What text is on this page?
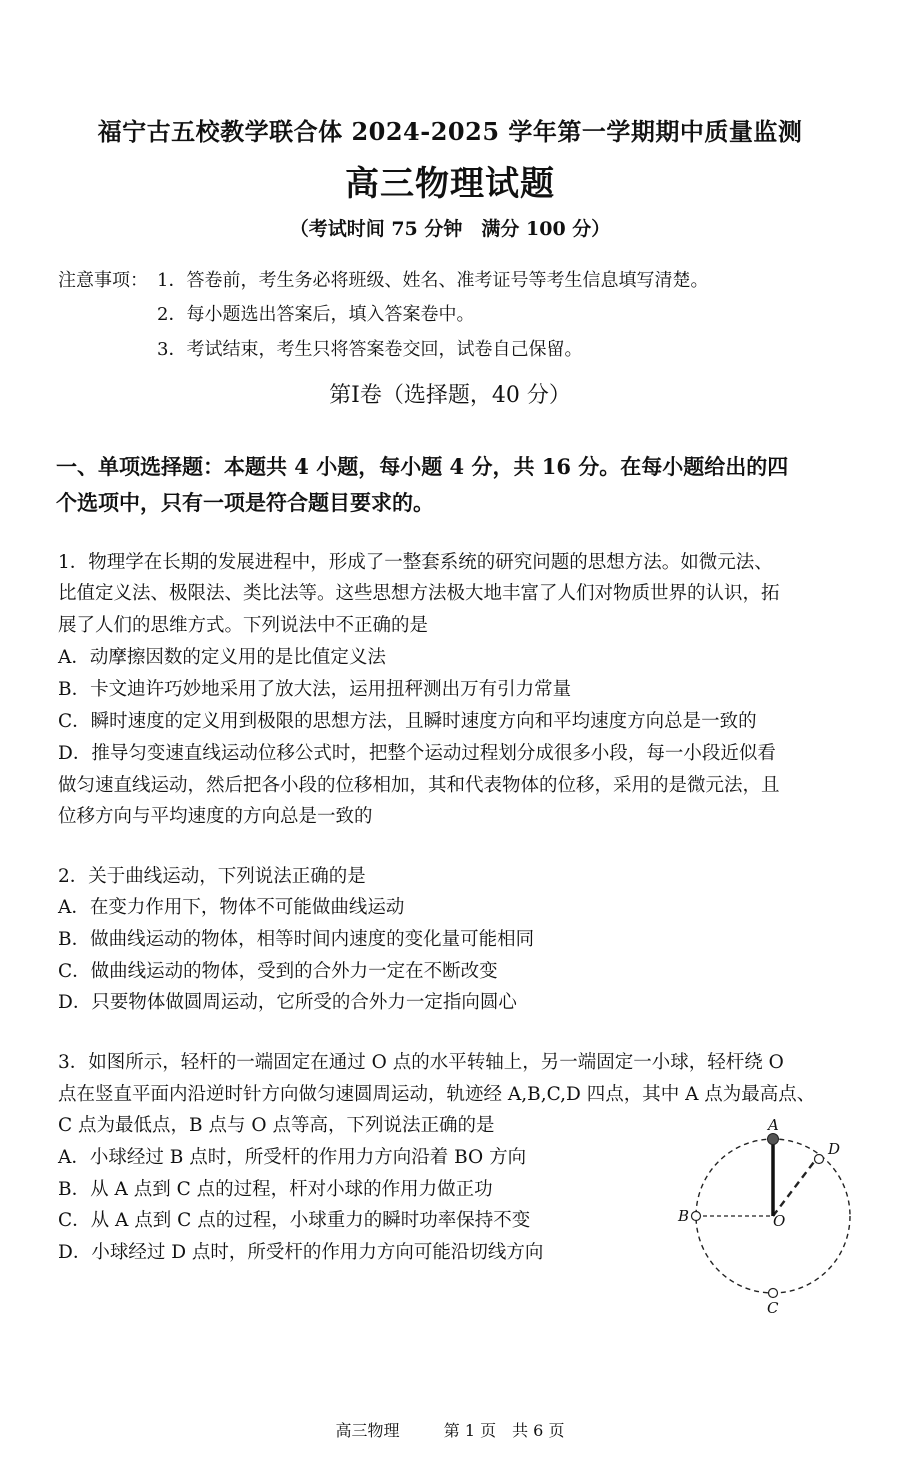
福宁古五校教学联合体 2024-2025 学年第一学期期中质量监测
高三物理试题
（考试时间 75 分钟　满分 100 分）
注意事项： 1．答卷前，考生务必将班级、姓名、准考证号等考生信息填写清楚。
2．每小题选出答案后，填入答案卷中。
3．考试结束，考生只将答案卷交回，试卷自己保留。
第I卷（选择题，40 分）
一、单项选择题：本题共 4 小题，每小题 4 分，共 16 分。在每小题给出的四
个选项中，只有一项是符合题目要求的。
1．物理学在长期的发展进程中，形成了一整套系统的研究问题的思想方法。如微元法、
比值定义法、极限法、类比法等。这些思想方法极大地丰富了人们对物质世界的认识，拓
展了人们的思维方式。下列说法中不正确的是
A．动摩擦因数的定义用的是比值定义法
B．卡文迪许巧妙地采用了放大法，运用扭秤测出万有引力常量
C．瞬时速度的定义用到极限的思想方法，且瞬时速度方向和平均速度方向总是一致的
D．推导匀变速直线运动位移公式时，把整个运动过程划分成很多小段，每一小段近似看
做匀速直线运动，然后把各小段的位移相加，其和代表物体的位移，采用的是微元法，且
位移方向与平均速度的方向总是一致的
2．关于曲线运动，下列说法正确的是
A．在变力作用下，物体不可能做曲线运动
B．做曲线运动的物体，相等时间内速度的变化量可能相同
C．做曲线运动的物体，受到的合外力一定在不断改变
D．只要物体做圆周运动，它所受的合外力一定指向圆心
3．如图所示，轻杆的一端固定在通过 O 点的水平转轴上，另一端固定一小球，轻杆绕 O
点在竖直平面内沿逆时针方向做匀速圆周运动，轨迹经 A,B,C,D 四点，其中 A 点为最高点、
C 点为最低点，B 点与 O 点等高，下列说法正确的是
A．小球经过 B 点时，所受杆的作用力方向沿着 BO 方向
B．从 A 点到 C 点的过程，杆对小球的作用力做正功
C．从 A 点到 C 点的过程，小球重力的瞬时功率保持不变
D．小球经过 D 点时，所受杆的作用力方向可能沿切线方向
A
B
C
D
O
高三物理	第 1 页　共 6 页
